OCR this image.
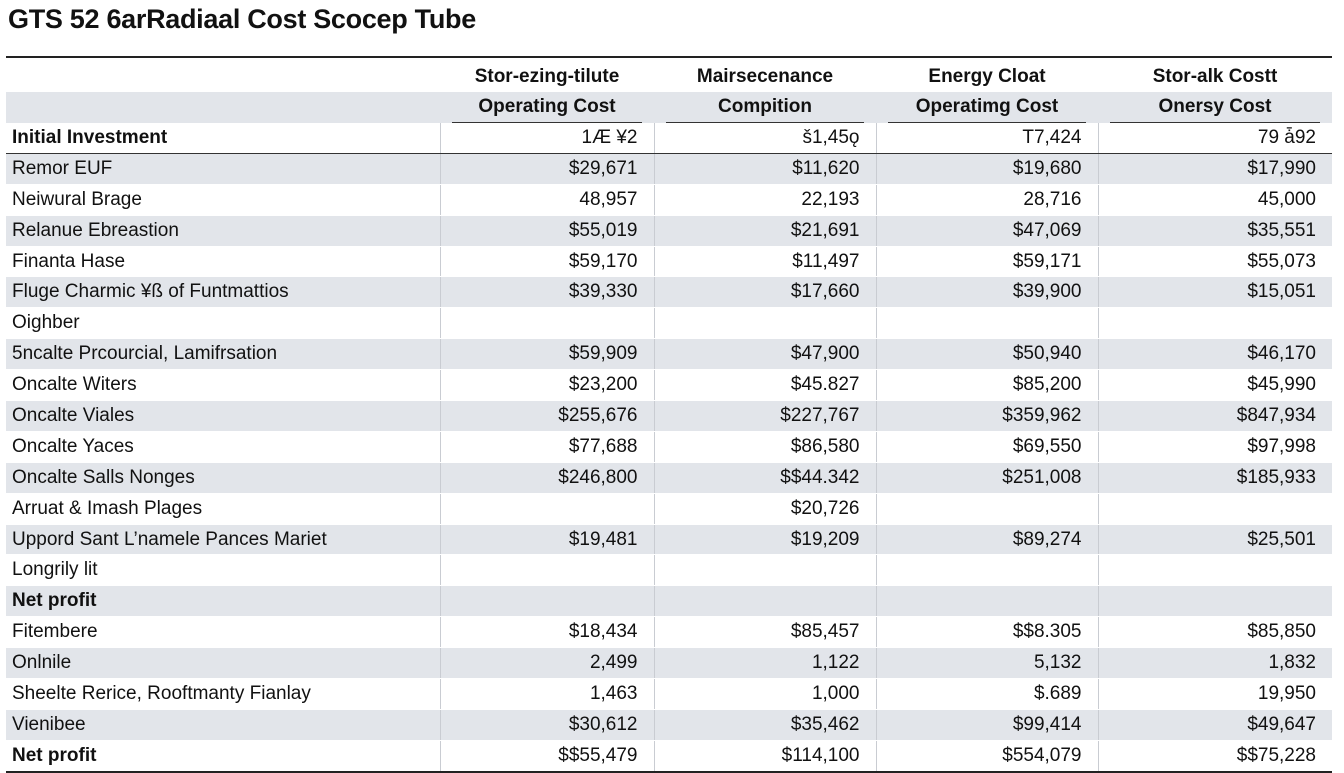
GTS 52 6arRadiaal Cost Scocep Tube
	Stor-ezing-tilute	Mairsecenance	Energy Cloat	Stor-alk Costt

	Operating Cost	Compition	Operatimg Cost	Onersy Cost

Initial Investment	1Æ ¥2	š1,45ǫ	T7,424	79 ǡ92
Remor EUF	$29,671	$11,620	$19,680	$17,990
Neiwural Brage	48,957	22,193	28,716	45,000
Relanue Ebreastion	$55,019	$21,691	$47,069	$35,551
Finanta Hase	$59,170	$11,497	$59,171	$55,073
Fluge Charmic ¥ß of Funtmattios	$39,330	$17,660	$39,900	$15,051
Oighber				
5ncalte Prcourcial, Lamifrsation	$59,909	$47,900	$50,940	$46,170
Oncalte Witers	$23,200	$45.827	$85,200	$45,990
Oncalte Viales	$255,676	$227,767	$359,962	$847,934
Oncalte Yaces	$77,688	$86,580	$69,550	$97,998
Oncalte Salls Nonges	$246,800	$$44.342	$251,008	$185,933
Arruat & Imash Plages		$20,726		
Uppord Sant L’namele Pances Mariet	$19,481	$19,209	$89,274	$25,501
Longrily lit				
Net profit				
Fitembere	$18,434	$85,457	$$8.305	$85,850
Onlnile	2,499	1,122	5,132	1,832
Sheelte Rerice, Rooftmanty Fianlay	1,463	1,000	$.689	19,950
Vienibee	$30,612	$35,462	$99,414	$49,647
Net profit	$$55,479	$114,100	$554,079	$$75,228
